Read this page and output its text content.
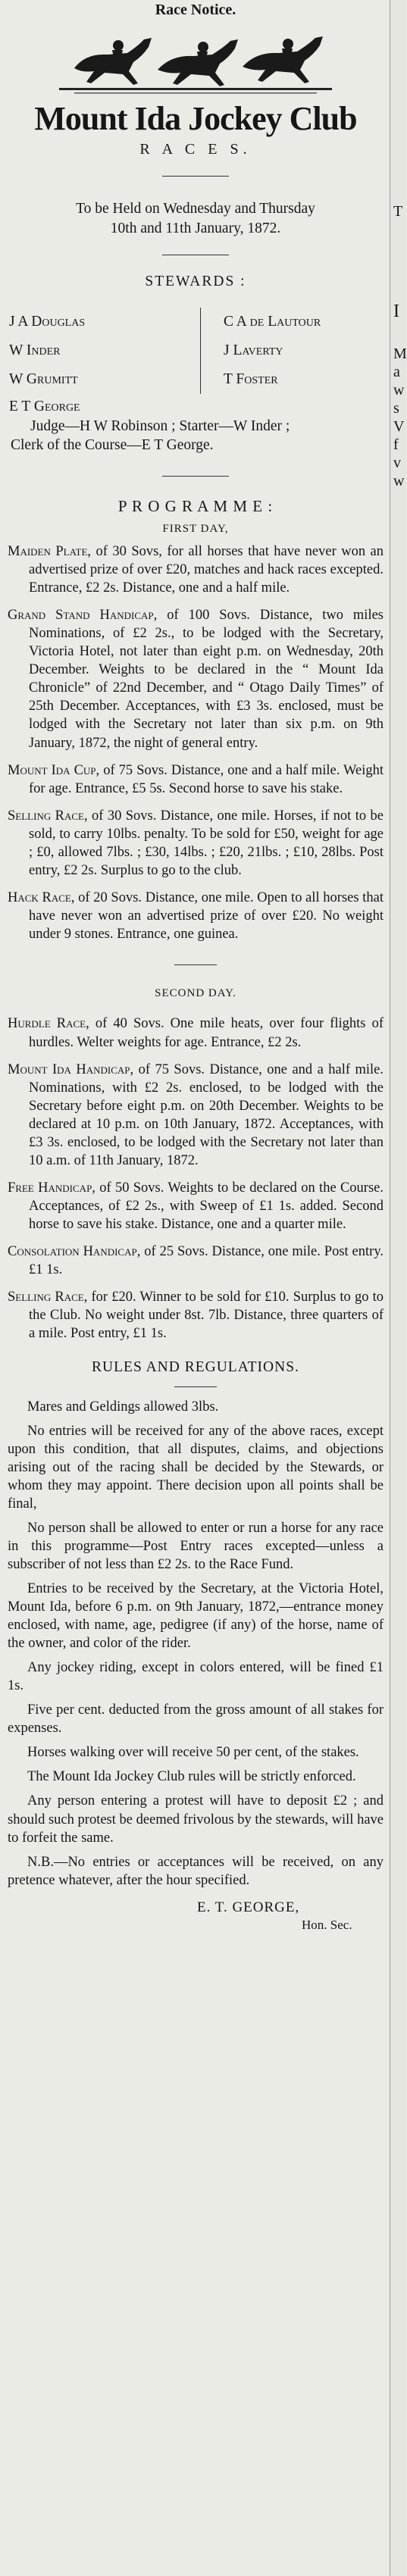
Race Notice.
Mount Ida Jockey Club
R A C E S.
To be Held on Wednesday and Thursday
10th and 11th January, 1872.
STEWARDS :
J A Douglas
W Inder
W Grumitt
C A de Lautour
J Laverty
T Foster
E T George
Judge—H W Robinson ; Starter—W Inder ;
Clerk of the Course—E T George.
P R O G R A M M E :
FIRST DAY,

Maiden Plate, of 30 Sovs, for all horses that have never won an advertised prize of over £20, matches and hack races excepted. Entrance, £2 2s. Distance, one and a half mile.

Grand Stand Handicap, of 100 Sovs. Distance, two miles Nominations, of £2 2s., to be lodged with the Secretary, Victoria Hotel, not later than eight p.m. on Wednesday, 20th December. Weights to be declared in the “ Mount Ida Chronicle” of 22nd December, and “ Otago Daily Times” of 25th December. Acceptances, with £3 3s. enclosed, must be lodged with the Secretary not later than six p.m. on 9th January, 1872, the night of general entry.

Mount Ida Cup, of 75 Sovs. Distance, one and a half mile. Weight for age. Entrance, £5 5s. Second horse to save his stake.

Selling Race, of 30 Sovs. Distance, one mile. Horses, if not to be sold, to carry 10lbs. penalty. To be sold for £50, weight for age ; £0, allowed 7lbs. ; £30, 14lbs. ; £20, 21lbs. ; £10, 28lbs. Post entry, £2 2s. Surplus to go to the club.

Hack Race, of 20 Sovs. Distance, one mile. Open to all horses that have never won an advertised prize of over £20. No weight under 9 stones. Entrance, one guinea.

SECOND DAY.

Hurdle Race, of 40 Sovs. One mile heats, over four flights of hurdles. Welter weights for age. Entrance, £2 2s.

Mount Ida Handicap, of 75 Sovs. Distance, one and a half mile. Nominations, with £2 2s. enclosed, to be lodged with the Secretary before eight p.m. on 20th December. Weights to be declared at 10 p.m. on 10th January, 1872. Acceptances, with £3 3s. enclosed, to be lodged with the Secretary not later than 10 a.m. of 11th January, 1872.

Free Handicap, of 50 Sovs. Weights to be declared on the Course. Acceptances, of £2 2s., with Sweep of £1 1s. added. Second horse to save his stake. Distance, one and a quarter mile.

Consolation Handicap, of 25 Sovs. Distance, one mile. Post entry. £1 1s.

Selling Race, for £20. Winner to be sold for £10. Surplus to go to the Club. No weight under 8st. 7lb. Distance, three quarters of a mile. Post entry, £1 1s.

RULES AND REGULATIONS.

Mares and Geldings allowed 3lbs.

No entries will be received for any of the above races, except upon this condition, that all disputes, claims, and objections arising out of the racing shall be decided by the Stewards, or whom they may appoint. There decision upon all points shall be final,

No person shall be allowed to enter or run a horse for any race in this programme—Post Entry races excepted—unless a subscriber of not less than £2 2s. to the Race Fund.

Entries to be received by the Secretary, at the Victoria Hotel, Mount Ida, before 6 p.m. on 9th January, 1872,—entrance money enclosed, with name, age, pedigree (if any) of the horse, name of the owner, and color of the rider.

Any jockey riding, except in colors entered, will be fined £1 1s.

Five per cent. deducted from the gross amount of all stakes for expenses.

Horses walking over will receive 50 per cent, of the stakes.

The Mount Ida Jockey Club rules will be strictly enforced.

Any person entering a protest will have to deposit £2 ; and should such protest be deemed frivolous by the stewards, will have to forfeit the same.

N.B.—No entries or acceptances will be received, on any pretence whatever, after the hour specified.

E. T. GEORGE,
Hon. Sec.
T
I
M
a
w
s
V
f
v
w
